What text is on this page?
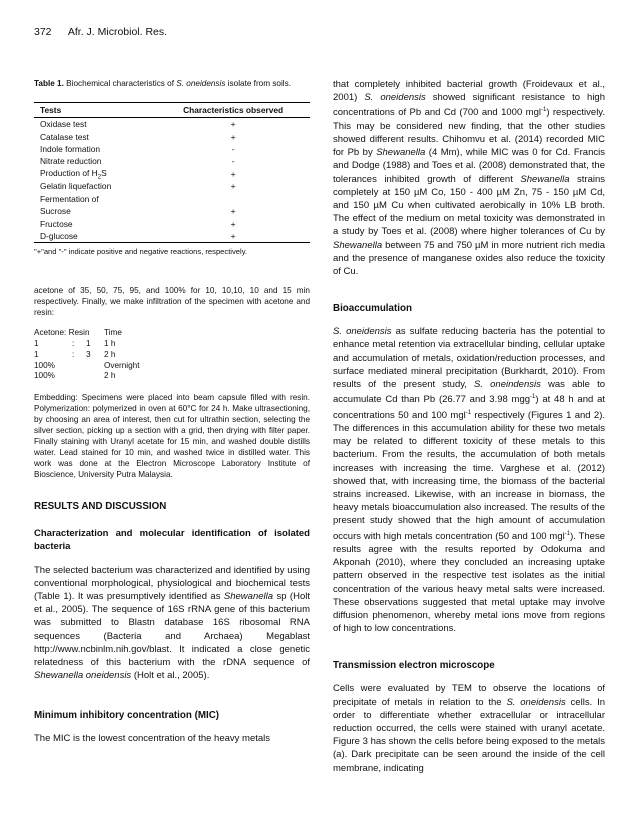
372 Afr. J. Microbiol. Res.

Table 1. Biochemical characteristics of S. oneidensis isolate from soils.

Tests	Characteristics observed
Oxidase test	+
Catalase test	+
Indole formation	-
Nitrate reduction	-
Production of $H_2S$	+
Gelatin liquefaction	+
Fermentation of	
Sucrose	+
Fructose	+
D-glucose	+

"+"and "-" indicate positive and negative reactions, respectively.

acetone of 35, 50, 75, 95, and 100% for 10, 10,10, 10 and 15 min respectively. Finally, we make infiltration of the specimen with acetone and resin:

Acetone: Resin	Time
1	:	1	1 h
1	:	3	2 h
100%	Overnight
100%	2 h

Embedding: Specimens were placed into beam capsule filled with resin. Polymerization: polymerized in oven at 60°C for 24 h. Make ultrasectioning, by choosing an area of interest, then cut for ultrathin section, selecting the silver section, picking up a section with a grid, then drying with filter paper. Finally staining with Uranyl acetate for 15 min, and washed double distills water. Lead stained for 10 min, and washed twice in distilled water. This work was done at the Electron Microscope Laboratory Institute of Bioscience, University Putra Malaysia.

RESULTS AND DISCUSSION

Characterization and molecular identification of isolated bacteria

The selected bacterium was characterized and identified by using conventional morphological, physiological and biochemical tests (Table 1). It was presumptively identified as Shewanella sp (Holt et al., 2005). The sequence of 16S rRNA gene of this bacterium was submitted to Blastn database 16S ribosomal RNA sequences (Bacteria and Archaea) Megablast http://www.ncbinlm.nih.gov/blast. It indicated a close genetic relatedness of this bacterium with the rDNA sequence of Shewanella oneidensis (Holt et al., 2005).

Minimum inhibitory concentration (MIC)

The MIC is the lowest concentration of the heavy metals

that completely inhibited bacterial growth (Froidevaux et al., 2001) S. oneidensis showed significant resistance to high concentrations of Pb and Cd (700 and 1000 mgl$^{-1}$) respectively. This may be considered new finding, that the other studies showed different results. Chihomvu et al. (2014) recorded MIC for Pb by Shewanella (4 Mm), while MIC was 0 for Cd. Francis and Dodge (1988) and Toes et al. (2008) demonstrated that, the tolerances inhibited growth of different Shewanella strains completely at 150 µM Co, 150 - 400 µM Zn, 75 - 150 µM Cd, and 150 µM Cu when cultivated aerobically in 10% LB broth. The effect of the medium on metal toxicity was demonstrated in a study by Toes et al. (2008) where higher tolerances of Cu by Shewanella between 75 and 750 µM in more nutrient rich media and the presence of manganese oxides also reduce the toxicity of Cu.

Bioaccumulation

S. oneidensis as sulfate reducing bacteria has the potential to enhance metal retention via extracellular binding, cellular uptake and accumulation of metals, oxidation/reduction processes, and surface mediated mineral precipitation (Burkhardt, 2010). From results of the present study, S. oneindensis was able to accumulate Cd than Pb (26.77 and 3.98 mgg$^{-1}$) at 48 h and at concentrations 50 and 100 mgl$^{-1}$ respectively (Figures 1 and 2). The differences in this accumulation ability for these two metals may be related to different toxicity of these metals to this bacterium. From the results, the accumulation of both metals increases with increasing the time. Varghese et al. (2012) showed that, with increasing time, the biomass of the bacterial strains increased. Likewise, with an increase in biomass, the heavy metals bioaccumulation also increased. The results of the present study showed that the high amount of accumulation occurs with high metals concentration (50 and 100 mgl$^{-1}$). These results agree with the results reported by Odokuma and Akponah (2010), where they concluded an increasing uptake pattern observed in the respective test isolates as the initial concentration of the various heavy metal salts were increased. These observations suggested that metal uptake may involve diffusion phenomenon, whereby metal ions move from regions of high to low concentrations.

Transmission electron microscope

Cells were evaluated by TEM to observe the locations of precipitate of metals in relation to the S. oneidensis cells. In order to differentiate whether extracellular or intracellular reduction occurred, the cells were stained with uranyl acetate. Figure 3 has shown the cells before being exposed to the metals (a). Dark precipitate can be seen around the inside of the cell membrane, indicating
